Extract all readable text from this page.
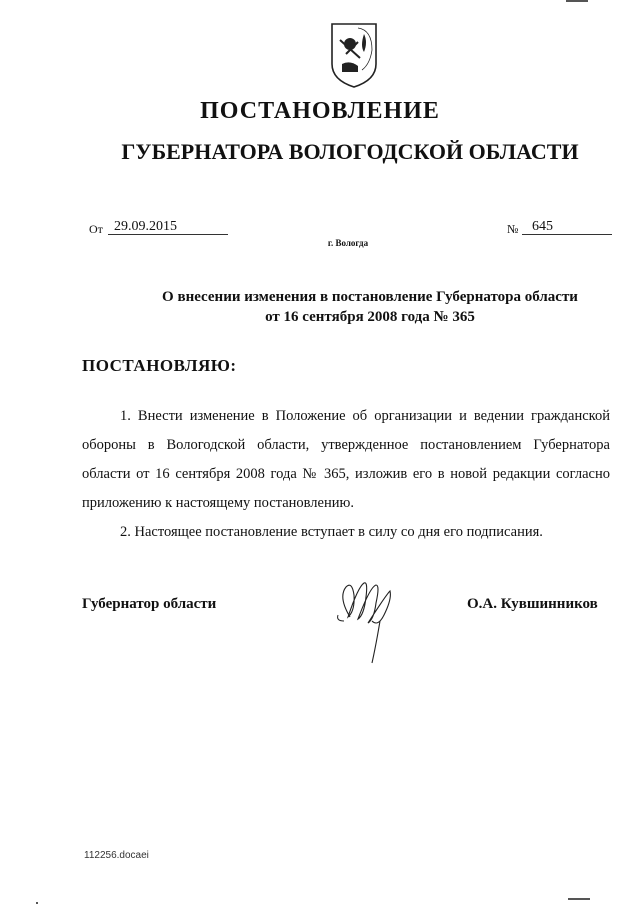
ПОСТАНОВЛЕНИЕ
ГУБЕРНАТОРА ВОЛОГОДСКОЙ ОБЛАСТИ
От 29.09.2015	№ 645
г. Вологда
О внесении изменения в постановление Губернатора области
от 16 сентября 2008 года № 365
ПОСТАНОВЛЯЮ:

1. Внести изменение в Положение об организации и ведении гражданской обороны в Вологодской области, утвержденное постановлением Губернатора области от 16 сентября 2008 года № 365, изложив его в новой редакции согласно приложению к настоящему постановлению.

2. Настоящее постановление вступает в силу со дня его подписания.

Губернатор области	О.А. Кувшинников
112256.docaei
